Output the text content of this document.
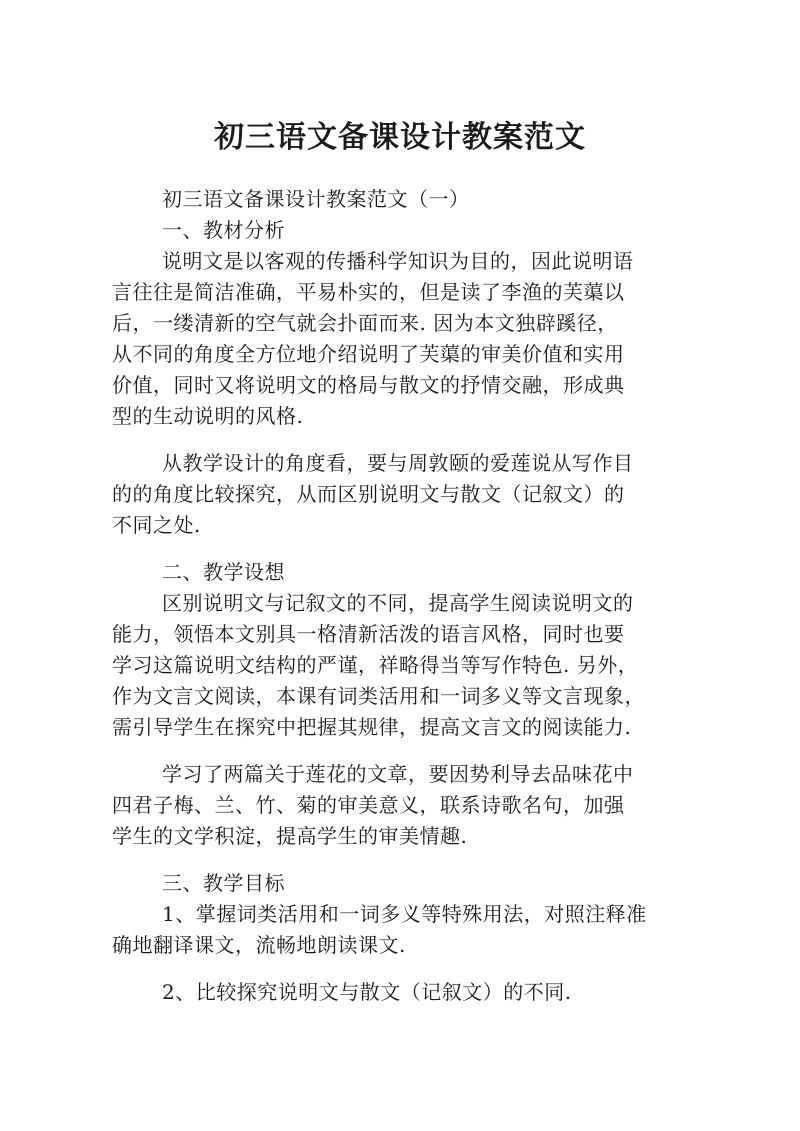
初三语文备课设计教案范文
初三语文备课设计教案范文（一）
一、教材分析
说明文是以客观的传播科学知识为目的，因此说明语
言往往是简洁准确，平易朴实的，但是读了李渔的芙蕖以
后，一缕清新的空气就会扑面而来. 因为本文独辟蹊径，
从不同的角度全方位地介绍说明了芙蕖的审美价值和实用
价值，同时又将说明文的格局与散文的抒情交融，形成典
型的生动说明的风格.
从教学设计的角度看，要与周敦颐的爱莲说从写作目
的的角度比较探究，从而区别说明文与散文（记叙文）的
不同之处.
二、教学设想
区别说明文与记叙文的不同，提高学生阅读说明文的
能力，领悟本文别具一格清新活泼的语言风格，同时也要
学习这篇说明文结构的严谨，祥略得当等写作特色. 另外，
作为文言文阅读，本课有词类活用和一词多义等文言现象，
需引导学生在探究中把握其规律，提高文言文的阅读能力.
学习了两篇关于莲花的文章，要因势利导去品味花中
四君子梅、兰、竹、菊的审美意义，联系诗歌名句，加强
学生的文学积淀，提高学生的审美情趣.
三、教学目标
1、掌握词类活用和一词多义等特殊用法，对照注释准
确地翻译课文，流畅地朗读课文.
2、比较探究说明文与散文（记叙文）的不同.
